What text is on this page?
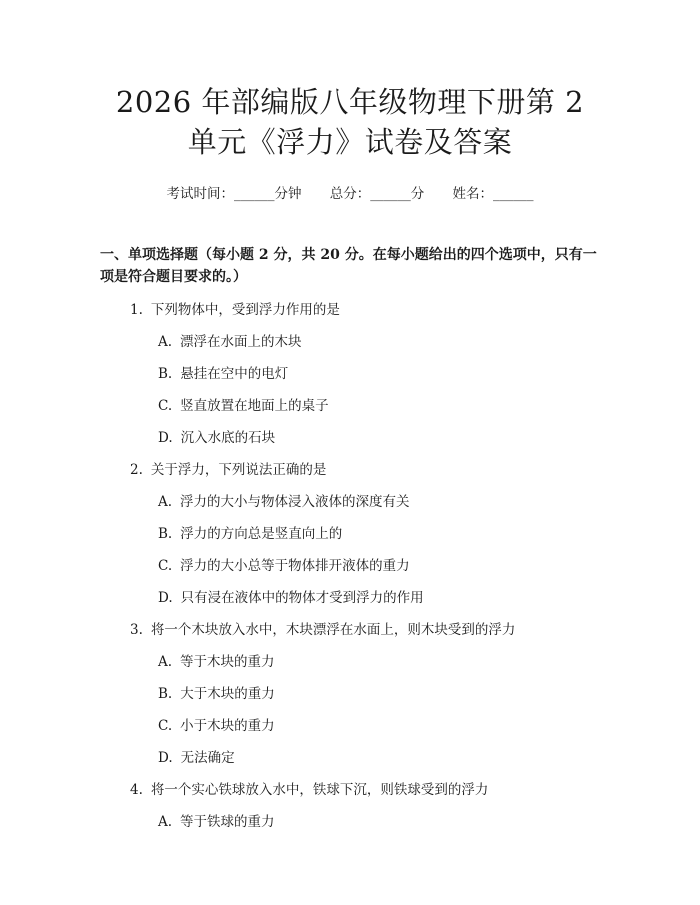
2026 年部编版八年级物理下册第 2 单元《浮力》试卷及答案
考试时间：______分钟 总分：______分 姓名：______
一、单项选择题（每小题 2 分，共 20 分。在每小题给出的四个选项中，只有一项是符合题目要求的。）
1. 下列物体中，受到浮力作用的是
A. 漂浮在水面上的木块
B. 悬挂在空中的电灯
C. 竖直放置在地面上的桌子
D. 沉入水底的石块
2. 关于浮力，下列说法正确的是
A. 浮力的大小与物体浸入液体的深度有关
B. 浮力的方向总是竖直向上的
C. 浮力的大小总等于物体排开液体的重力
D. 只有浸在液体中的物体才受到浮力的作用
3. 将一个木块放入水中，木块漂浮在水面上，则木块受到的浮力
A. 等于木块的重力
B. 大于木块的重力
C. 小于木块的重力
D. 无法确定
4. 将一个实心铁球放入水中，铁球下沉，则铁球受到的浮力
A. 等于铁球的重力
